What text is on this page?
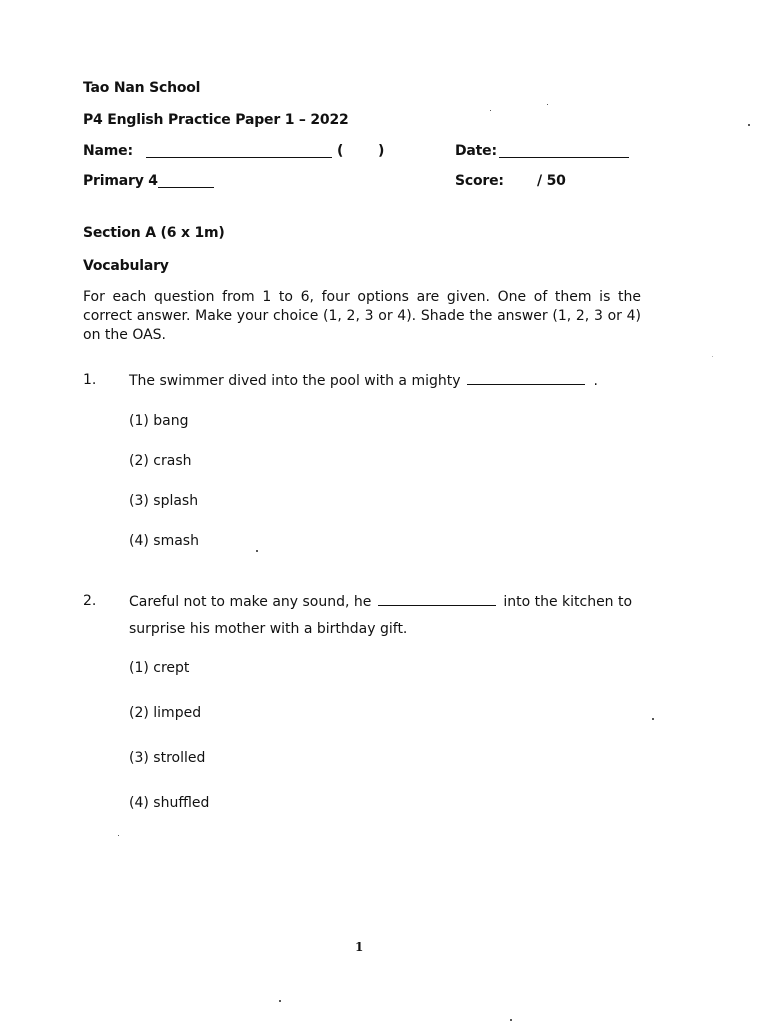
Tao Nan School
P4 English Practice Paper 1 – 2022
Name:	( )	Date:
Primary 4	Score: / 50
Section A (6 x 1m)
Vocabulary
For each question from 1 to 6, four options are given. One of them is the correct answer. Make your choice (1, 2, 3 or 4). Shade the answer (1, 2, 3 or 4) on the OAS.
1. The swimmer dived into the pool with a mighty	.
(1) bang
(2) crash
(3) splash
(4) smash
2. Careful not to make any sound, he	into the kitchen to
surprise his mother with a birthday gift.
(1) crept
(2) limped
(3) strolled
(4) shuffled
1
